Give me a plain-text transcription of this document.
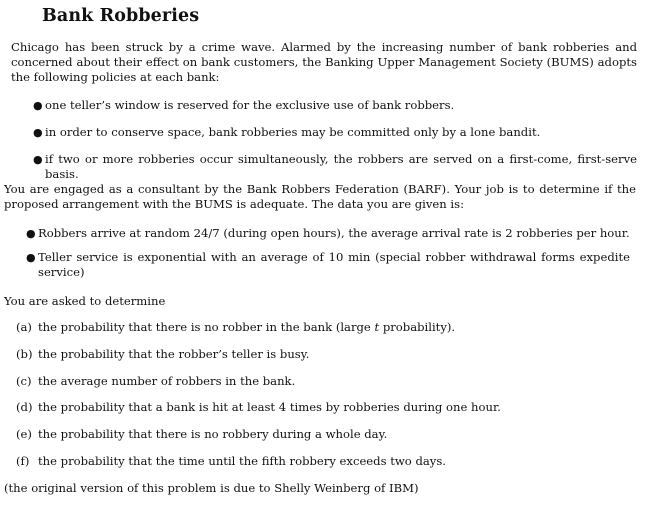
Bank Robberies

Chicago has been struck by a crime wave. Alarmed by the increasing number of bank robberies and concerned about their effect on bank customers, the Banking Upper Management Society (BUMS) adopts the following policies at each bank:

● one teller’s window is reserved for the exclusive use of bank robbers.
● in order to conserve space, bank robberies may be committed only by a lone bandit.
● if two or more robberies occur simultaneously, the robbers are served on a first-come, first-serve basis.

You are engaged as a consultant by the Bank Robbers Federation (BARF). Your job is to determine if the proposed arrangement with the BUMS is adequate. The data you are given is:

● Robbers arrive at random 24/7 (during open hours), the average arrival rate is 2 robberies per hour.
● Teller service is exponential with an average of 10 min (special robber withdrawal forms expedite service)

You are asked to determine

(a) the probability that there is no robber in the bank (large t probability).
(b) the probability that the robber’s teller is busy.
(c) the average number of robbers in the bank.
(d) the probability that a bank is hit at least 4 times by robberies during one hour.
(e) the probability that there is no robbery during a whole day.
(f) the probability that the time until the fifth robbery exceeds two days.

(the original version of this problem is due to Shelly Weinberg of IBM)
